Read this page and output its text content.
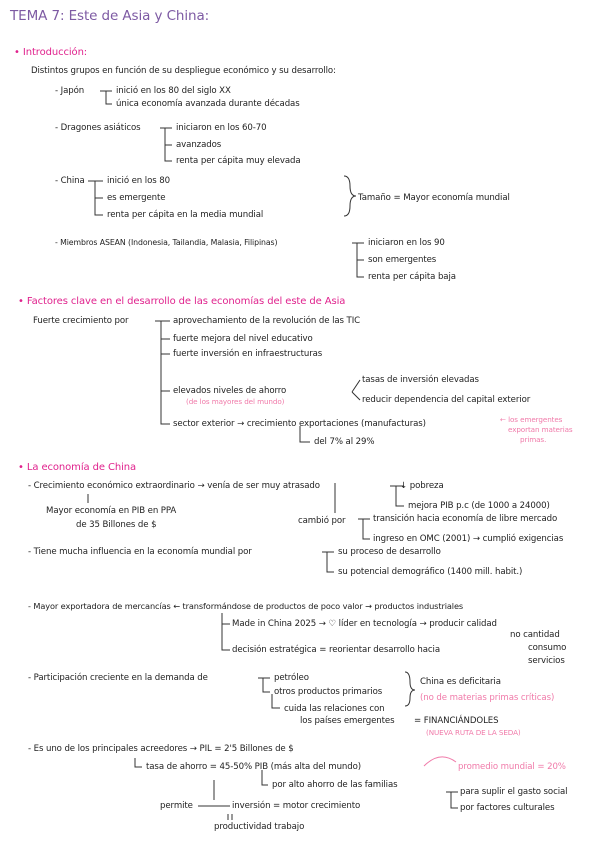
TEMA 7: Este de Asia y China:
• Introducción:
Distintos grupos en función de su despliegue económico y su desarrollo:
- Japón	inició en los 80 del siglo XX
única economía avanzada durante décadas
- Dragones asiáticos	iniciaron en los 60-70
avanzados
renta per cápita muy elevada
- China	inició en los 80
es emergente
renta per cápita en la media mundial
Tamaño = Mayor economía mundial
- Miembros ASEAN (Indonesia, Tailandia, Malasia, Filipinas)	iniciaron en los 90
son emergentes
renta per cápita baja
• Factores clave en el desarrollo de las economías del este de Asia
Fuerte crecimiento por	aprovechamiento de la revolución de las TIC
fuerte mejora del nivel educativo
fuerte inversión en infraestructuras
elevados niveles de ahorro
(de los mayores del mundo)
tasas de inversión elevadas
reducir dependencia del capital exterior
sector exterior → crecimiento exportaciones (manufacturas)
del 7% al 29%
← los emergentes
exportan materias
primas.
• La economía de China
- Crecimiento económico extraordinario → venía de ser muy atrasado	↓ pobreza
mejora PIB p.c (de 1000 a 24000)
Mayor economía en PIB en PPA
de 35 Billones de $	cambió por	transición hacia economía de libre mercado
ingreso en OMC (2001) → cumplió exigencias
- Tiene mucha influencia en la economía mundial por	su proceso de desarrollo
su potencial demográfico (1400 mill. habit.)
- Mayor exportadora de mercancías ← transformándose de productos de poco valor → productos industriales
Made in China 2025 → ♡ líder en tecnología → producir calidad
no cantidad
decisión estratégica = reorientar desarrollo hacia	consumo
servicios
- Participación creciente en la demanda de	petróleo
otros productos primarios
China es deficitaria
(no de materias primas críticas)
cuida las relaciones con
los países emergentes = FINANCIÁNDOLES
(NUEVA RUTA DE LA SEDA)
- Es uno de los principales acreedores → PIL = 2'5 Billones de $
tasa de ahorro = 45-50% PIB (más alta del mundo)	promedio mundial = 20%
por alto ahorro de las familias
para suplir el gasto social
por factores culturales
permite	inversión = motor crecimiento
productividad trabajo
